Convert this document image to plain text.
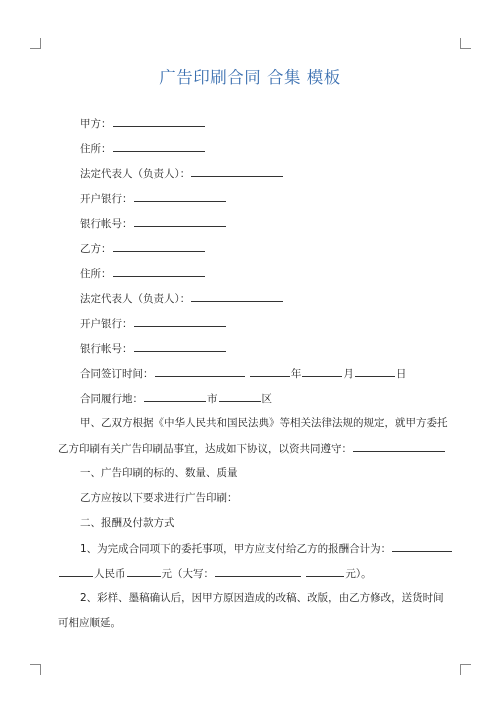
广告印刷合同 合集 模板
甲方：
住所：
法定代表人（负责人）：
开户银行：
银行帐号：
乙方：
住所：
法定代表人（负责人）：
开户银行：
银行帐号：
合同签订时间：	年	月	日
合同履行地：	市	区
甲、乙双方根据《中华人民共和国民法典》等相关法律法规的规定，就甲方委托
乙方印刷有关广告印刷品事宜，达成如下协议，以资共同遵守：
一、广告印刷的标的、数量、质量
乙方应按以下要求进行广告印刷：
二、报酬及付款方式
1、为完成合同项下的委托事项，甲方应支付给乙方的报酬合计为：
人民币	元（大写：	元）。
2、彩样、墨稿确认后，因甲方原因造成的改稿、改版，由乙方修改，送货时间
可相应顺延。
